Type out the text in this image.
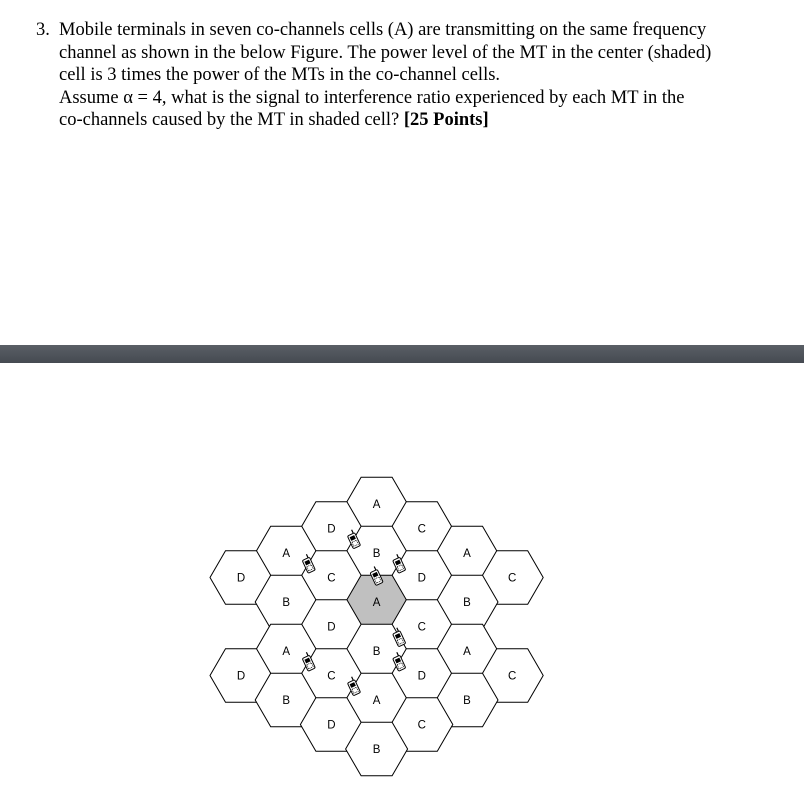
3. Mobile terminals in seven co-channels cells (A) are transmitting on the same frequency
channel as shown in the below Figure. The power level of the MT in the center (shaded)
cell is 3 times the power of the MTs in the co-channel cells.
Assume α = 4, what is the signal to interference ratio experienced by each MT in the
co-channels caused by the MT in shaded cell? [25 Points]
A
D	C
A	B	A
D	C	D	C
B	A	B
D	C
A	B	A
D	C	D	C
B	A	B
D	C
B
